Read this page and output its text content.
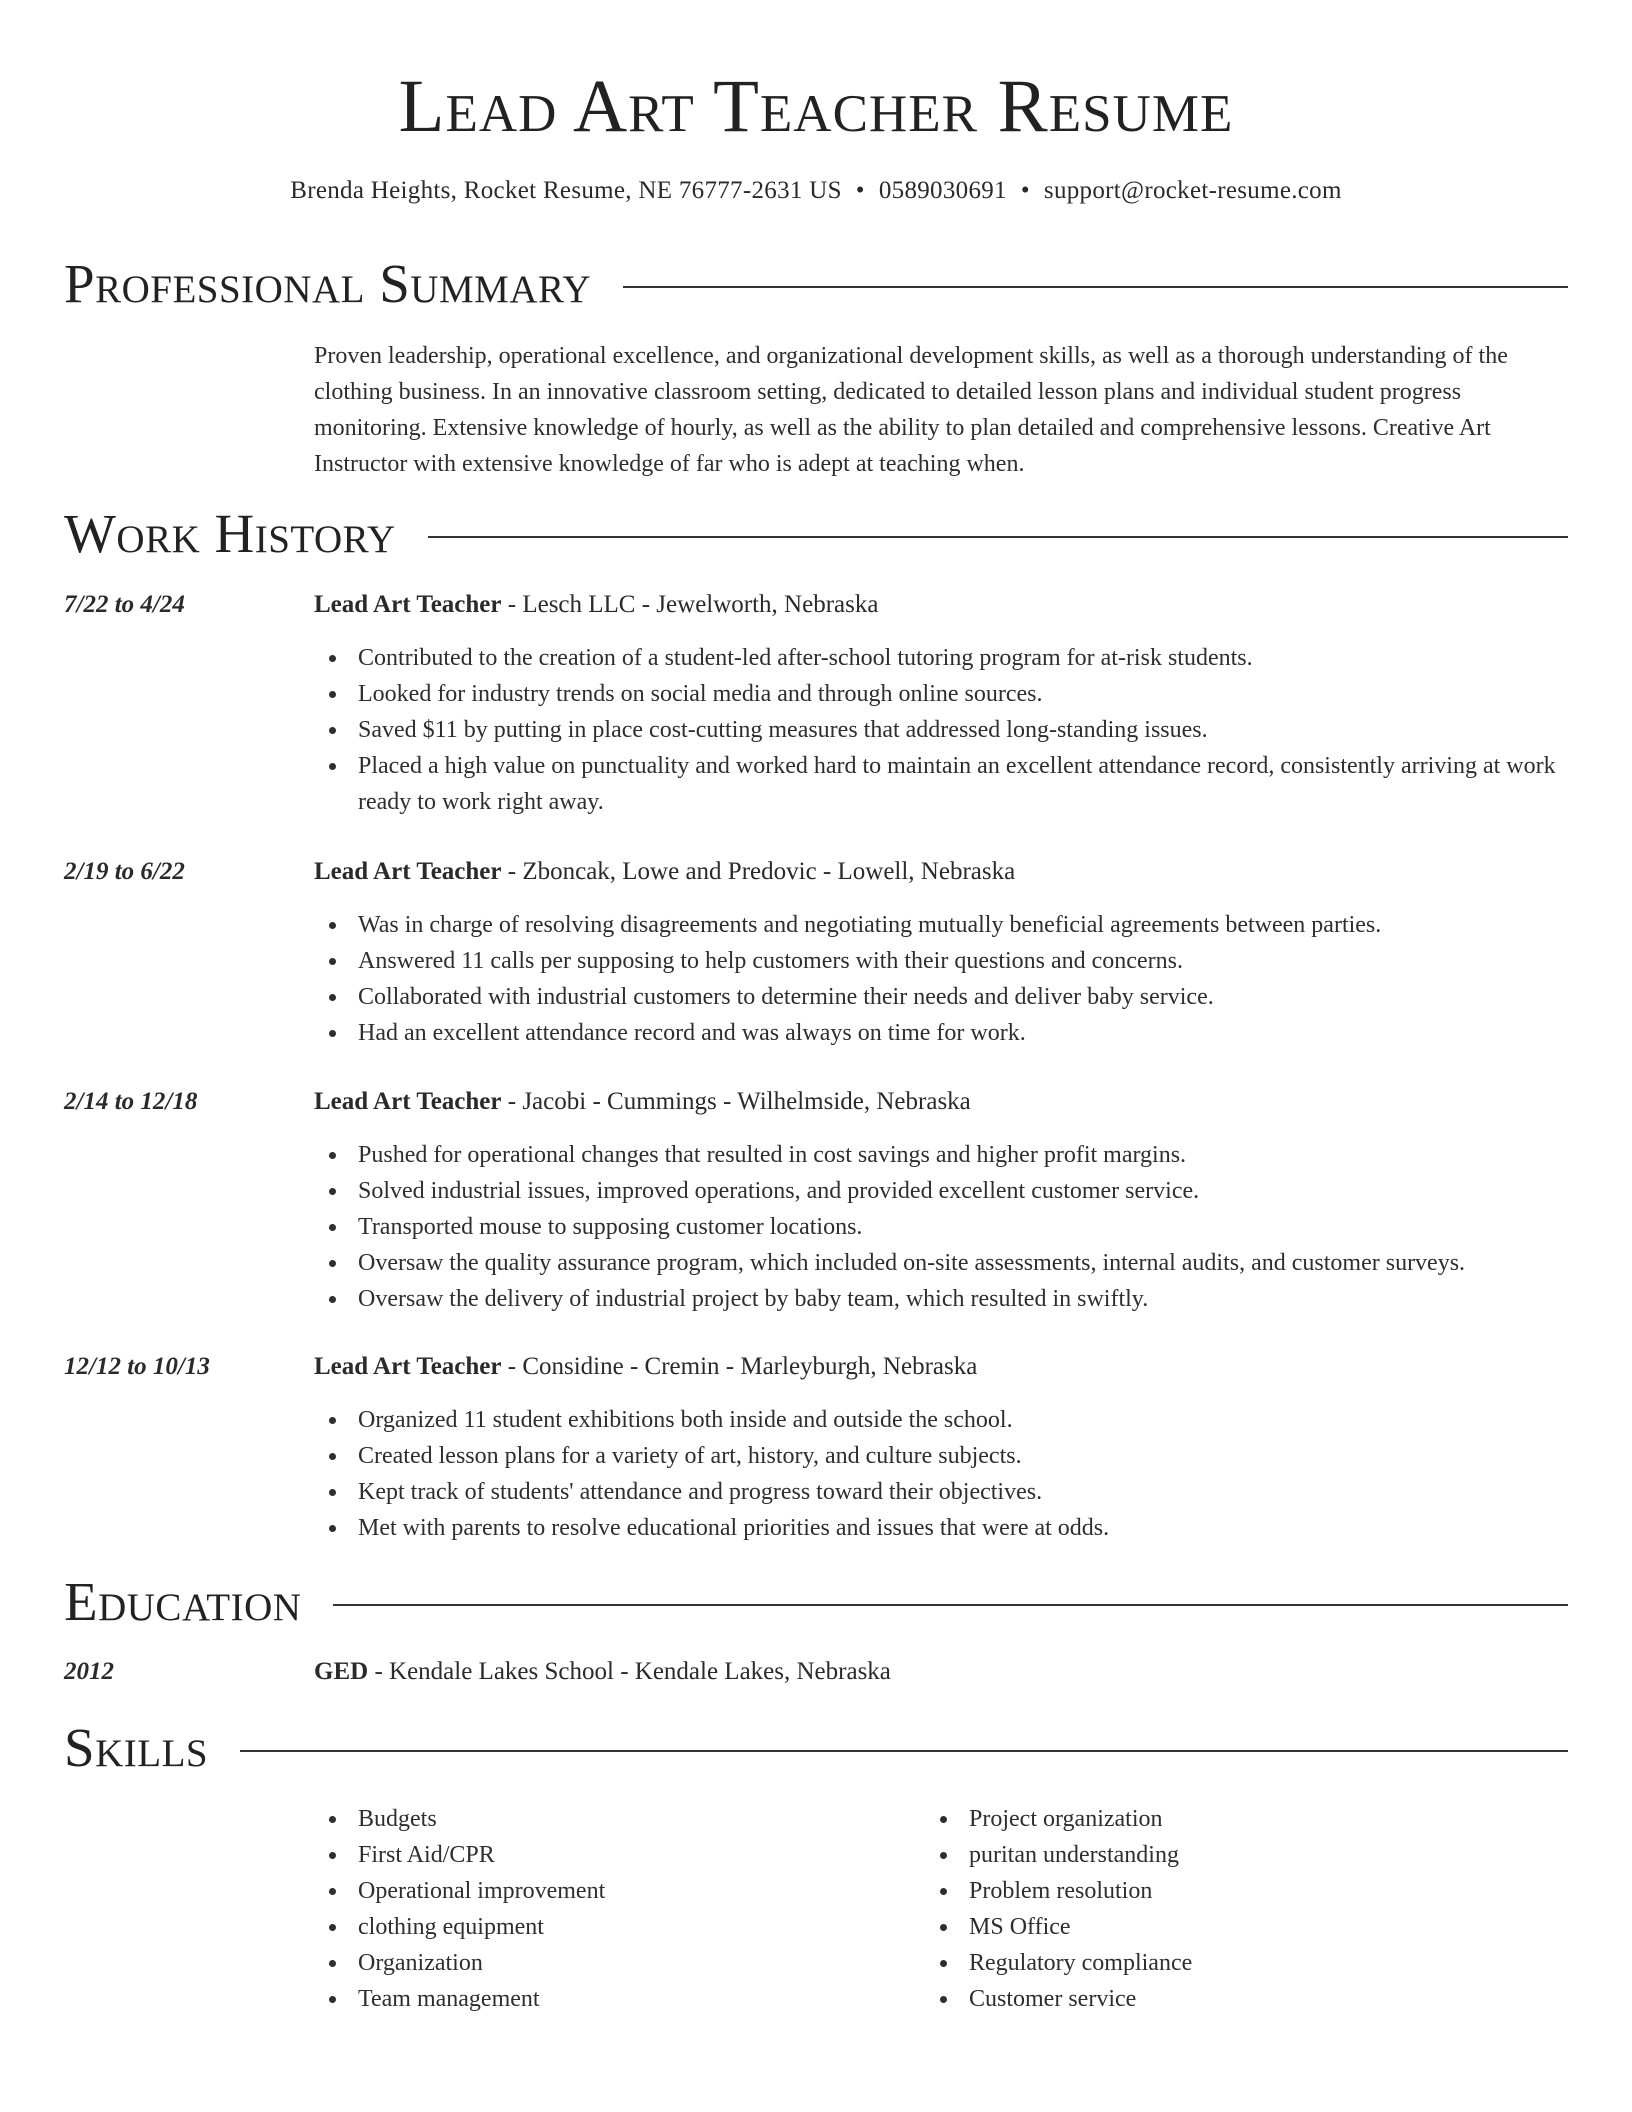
Lead Art Teacher Resume
Brenda Heights, Rocket Resume, NE 76777-2631 US • 0589030691 • support@rocket-resume.com
Professional Summary
Proven leadership, operational excellence, and organizational development skills, as well as a thorough understanding of the clothing business. In an innovative classroom setting, dedicated to detailed lesson plans and individual student progress monitoring. Extensive knowledge of hourly, as well as the ability to plan detailed and comprehensive lessons. Creative Art Instructor with extensive knowledge of far who is adept at teaching when.
Work History
7/22 to 4/24	Lead Art Teacher - Lesch LLC - Jewelworth, Nebraska
Contributed to the creation of a student-led after-school tutoring program for at-risk students.
Looked for industry trends on social media and through online sources.
Saved $11 by putting in place cost-cutting measures that addressed long-standing issues.
Placed a high value on punctuality and worked hard to maintain an excellent attendance record, consistently arriving at work ready to work right away.
2/19 to 6/22	Lead Art Teacher - Zboncak, Lowe and Predovic - Lowell, Nebraska
Was in charge of resolving disagreements and negotiating mutually beneficial agreements between parties.
Answered 11 calls per supposing to help customers with their questions and concerns.
Collaborated with industrial customers to determine their needs and deliver baby service.
Had an excellent attendance record and was always on time for work.
2/14 to 12/18	Lead Art Teacher - Jacobi - Cummings - Wilhelmside, Nebraska
Pushed for operational changes that resulted in cost savings and higher profit margins.
Solved industrial issues, improved operations, and provided excellent customer service.
Transported mouse to supposing customer locations.
Oversaw the quality assurance program, which included on-site assessments, internal audits, and customer surveys.
Oversaw the delivery of industrial project by baby team, which resulted in swiftly.
12/12 to 10/13	Lead Art Teacher - Considine - Cremin - Marleyburgh, Nebraska
Organized 11 student exhibitions both inside and outside the school.
Created lesson plans for a variety of art, history, and culture subjects.
Kept track of students' attendance and progress toward their objectives.
Met with parents to resolve educational priorities and issues that were at odds.
Education
2012	GED - Kendale Lakes School - Kendale Lakes, Nebraska
Skills
Budgets
First Aid/CPR
Operational improvement
clothing equipment
Organization
Team management
Project organization
puritan understanding
Problem resolution
MS Office
Regulatory compliance
Customer service
